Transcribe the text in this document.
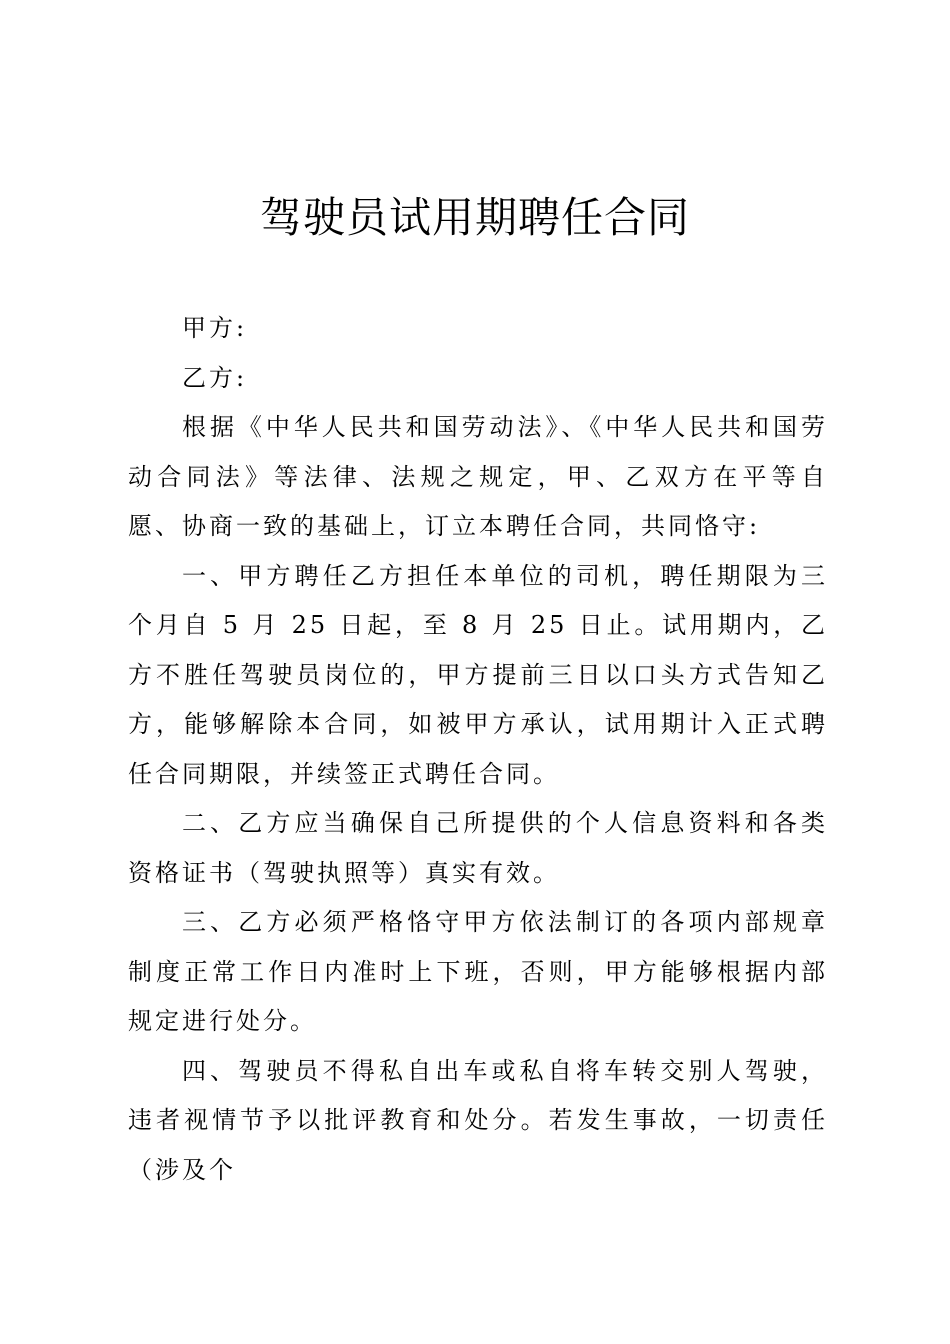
驾驶员试用期聘任合同

甲方:

乙方:

根据《中华人民共和国劳动法》、《中华人民共和国劳动合同法》等法律、法规之规定，甲、乙双方在平等自愿、协商一致的基础上，订立本聘任合同，共同恪守:

一、甲方聘任乙方担任本单位的司机，聘任期限为三个月自 5 月 25 日起，至 8 月 25 日止。试用期内，乙方不胜任驾驶员岗位的，甲方提前三日以口头方式告知乙方，能够解除本合同，如被甲方承认，试用期计入正式聘任合同期限，并续签正式聘任合同。

二、乙方应当确保自己所提供的个人信息资料和各类资格证书（驾驶执照等）真实有效。

三、乙方必须严格恪守甲方依法制订的各项内部规章制度正常工作日内准时上下班，否则，甲方能够根据内部规定进行处分。

四、驾驶员不得私自出车或私自将车转交别人驾驶，违者视情节予以批评教育和处分。若发生事故，一切责任（涉及个
